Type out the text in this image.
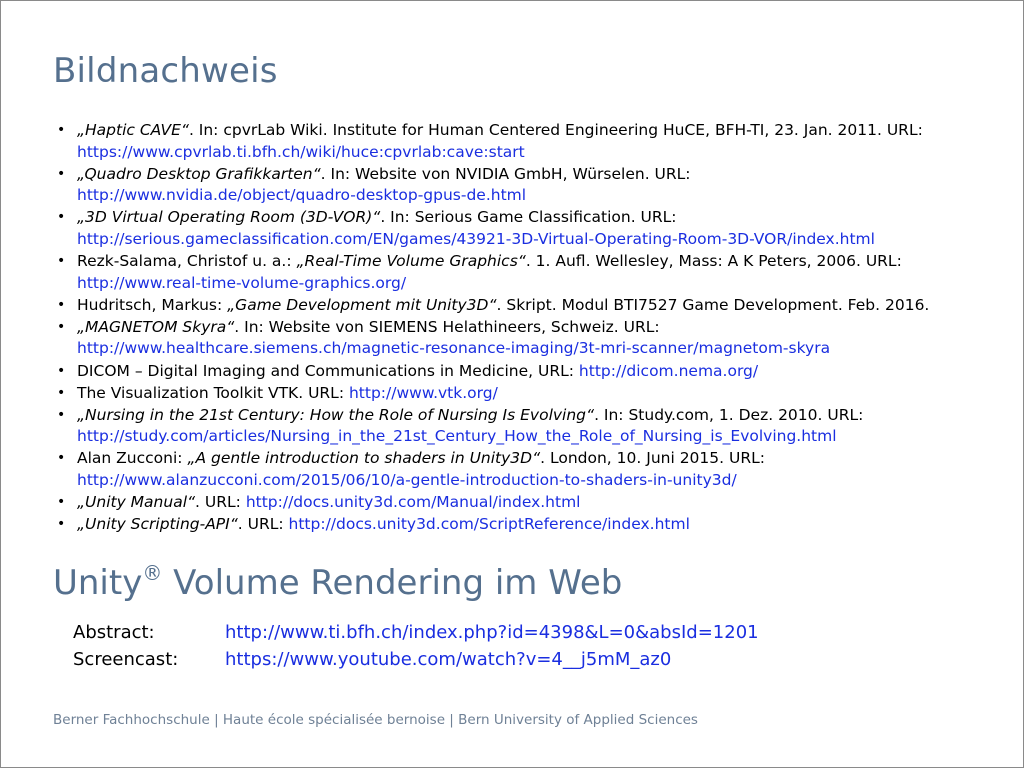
Bildnachweis
• „Haptic CAVE“. In: cpvrLab Wiki. Institute for Human Centered Engineering HuCE, BFH-TI, 23. Jan. 2011. URL:
https://www.cpvrlab.ti.bfh.ch/wiki/huce:cpvrlab:cave:start
• „Quadro Desktop Grafikkarten“. In: Website von NVIDIA GmbH, Würselen. URL:
http://www.nvidia.de/object/quadro-desktop-gpus-de.html
• „3D Virtual Operating Room (3D-VOR)“. In: Serious Game Classification. URL:
http://serious.gameclassification.com/EN/games/43921-3D-Virtual-Operating-Room-3D-VOR/index.html
• Rezk-Salama, Christof u. a.: „Real-Time Volume Graphics“. 1. Aufl. Wellesley, Mass: A K Peters, 2006. URL:
http://www.real-time-volume-graphics.org/
• Hudritsch, Markus: „Game Development mit Unity3D“. Skript. Modul BTI7527 Game Development. Feb. 2016.
• „MAGNETOM Skyra“. In: Website von SIEMENS Helathineers, Schweiz. URL:
http://www.healthcare.siemens.ch/magnetic-resonance-imaging/3t-mri-scanner/magnetom-skyra
• DICOM – Digital Imaging and Communications in Medicine, URL: http://dicom.nema.org/
• The Visualization Toolkit VTK. URL: http://www.vtk.org/
• „Nursing in the 21st Century: How the Role of Nursing Is Evolving“. In: Study.com, 1. Dez. 2010. URL:
http://study.com/articles/Nursing_in_the_21st_Century_How_the_Role_of_Nursing_is_Evolving.html
• Alan Zucconi: „A gentle introduction to shaders in Unity3D“. London, 10. Juni 2015. URL:
http://www.alanzucconi.com/2015/06/10/a-gentle-introduction-to-shaders-in-unity3d/
• „Unity Manual“. URL: http://docs.unity3d.com/Manual/index.html
• „Unity Scripting-API“. URL: http://docs.unity3d.com/ScriptReference/index.html
Unity® Volume Rendering im Web
Abstract:	http://www.ti.bfh.ch/index.php?id=4398&L=0&absId=1201
Screencast:	https://www.youtube.com/watch?v=4__j5mM_az0
Berner Fachhochschule | Haute école spécialisée bernoise | Bern University of Applied Sciences
